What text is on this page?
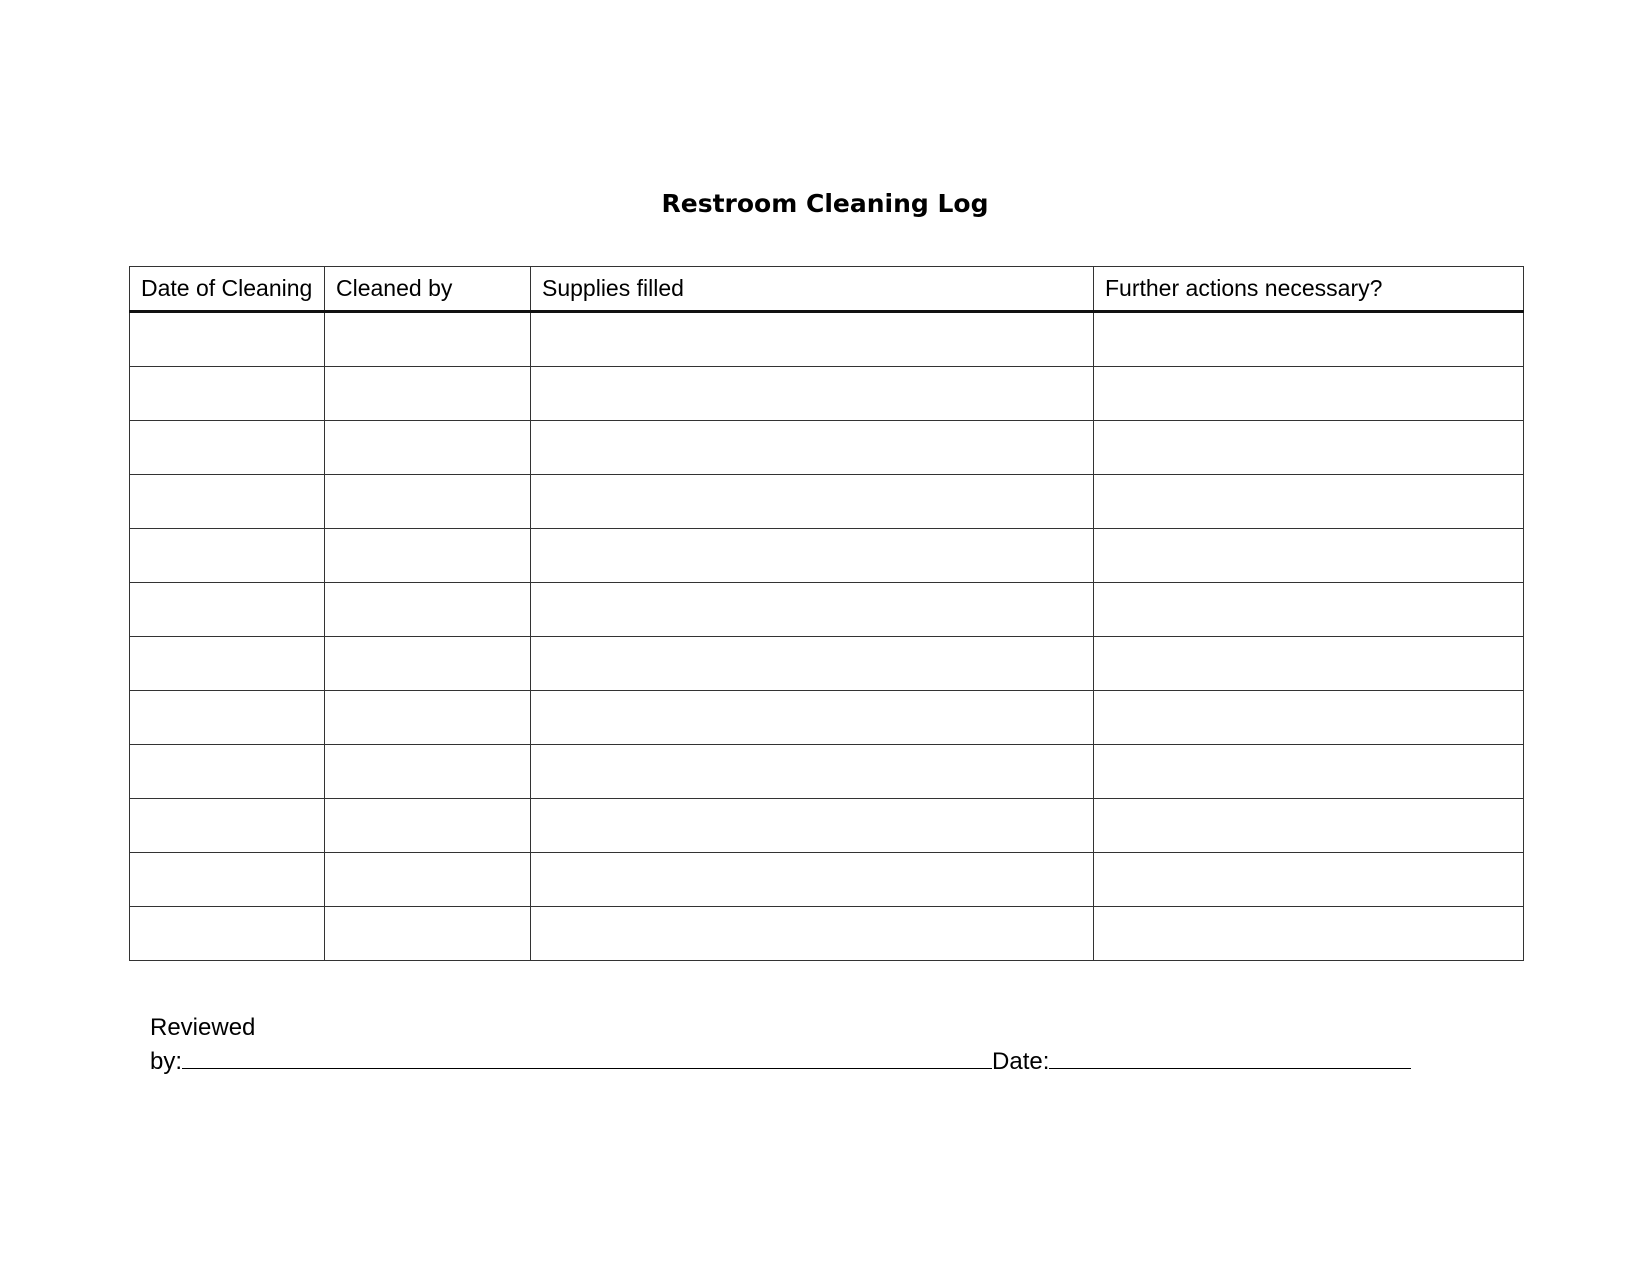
Restroom Cleaning Log
Date of Cleaning	Cleaned by	Supplies filled	Further actions necessary?

Reviewed
by:	Date:
